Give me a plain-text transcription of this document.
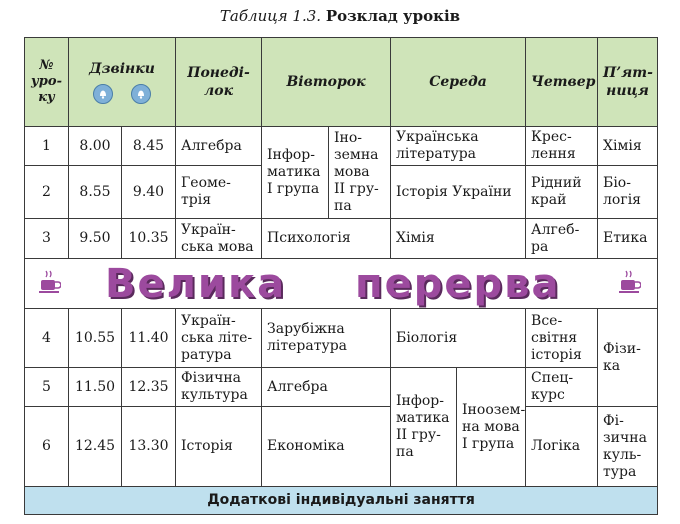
Таблиця 1.3. Розклад уроків
№ уро- ку	Дзвінки		Понеді- лок	Вівторок		Середа		Четвер	П’ят- ниця
1	8.00	8.45	Алгебра	Інфор- матика І група	Іно- земна мова ІІ гру- па	Українська література		Крес- лення	Хімія
2	8.55	9.40	Геоме- трія			Історія України		Рідний край	Біо- логія
3	9.50	10.35	Україн- ська мова	Психологія		Хімія		Алгеб- ра	Етика

Велика перерва									

4	10.55	11.40	Україн- ська літе- ратура	Зарубіжна література		Біологія		Все- світня історія	Фізи- ка
5	11.50	12.35	Фізична культура	Алгебра		Інфор- матика ІІ гру- па	Іноозем- на мова І група	Спец- курс	
6	12.45	13.30	Історія	Економіка				Логіка	Фі- зична куль- тура
Додаткові індивідуальні заняття									
